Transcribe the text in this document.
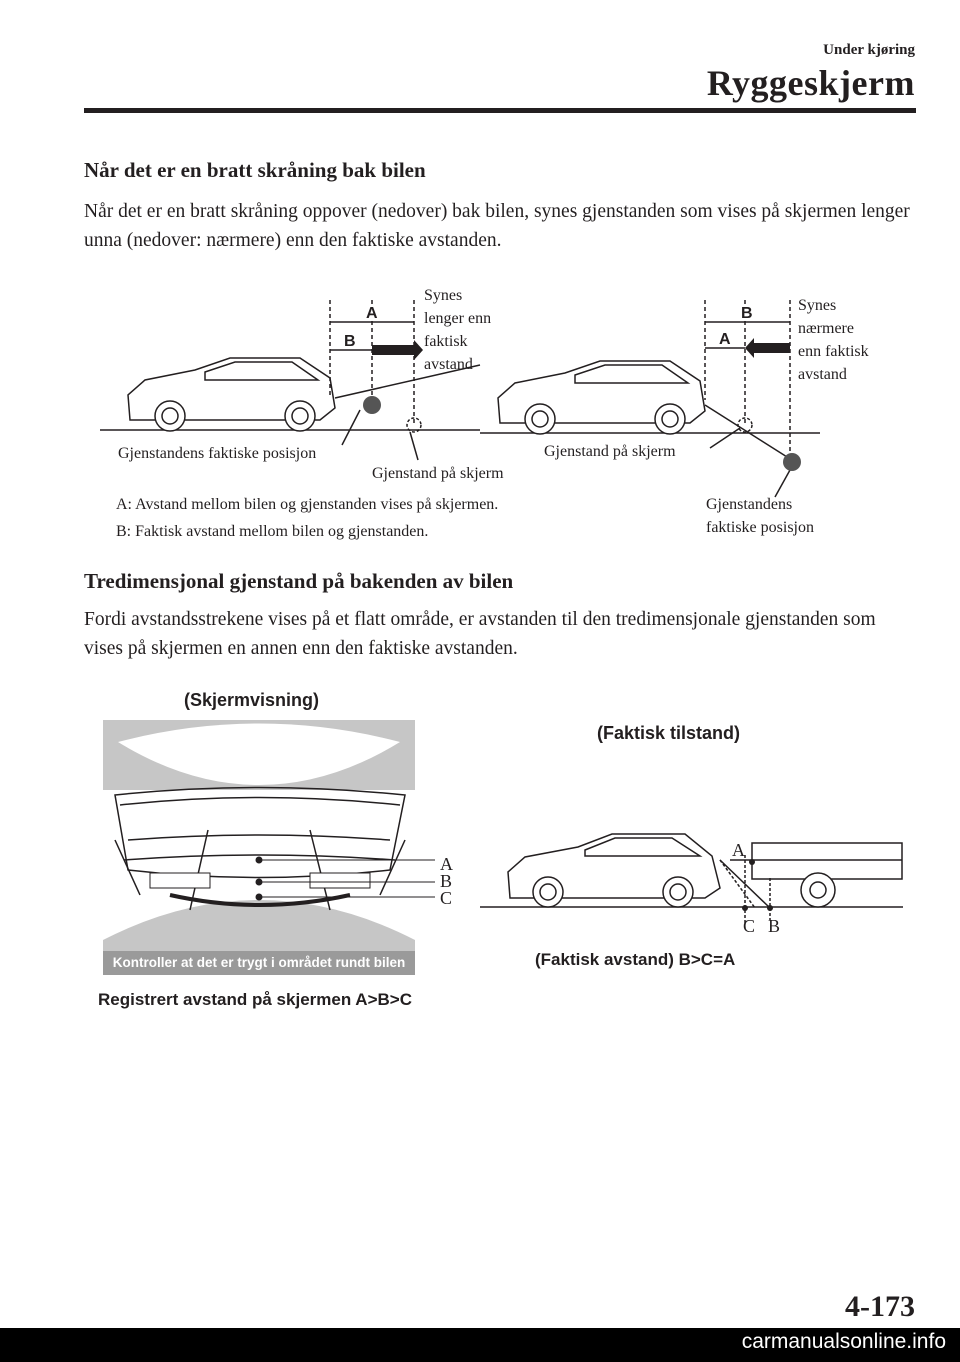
Under kjøring
Ryggeskjerm
Når det er en bratt skråning bak bilen
Når det er en bratt skråning oppover (nedover) bak bilen, synes gjenstanden som vises på skjermen lenger unna (nedover: nærmere) enn den faktiske avstanden.
A
B
B
A
Synes
lenger enn
faktisk
avstand
Gjenstandens faktiske posisjon
Gjenstand på skjerm
Synes
nærmere
enn faktisk
avstand
Gjenstand på skjerm
Gjenstandens
faktiske posisjon
A: Avstand mellom bilen og gjenstanden vises på skjermen.
B: Faktisk avstand mellom bilen og gjenstanden.
Tredimensjonal gjenstand på bakenden av bilen
Fordi avstandsstrekene vises på et flatt område, er avstanden til den tredimensjonale gjenstanden som vises på skjermen en annen enn den faktiske avstanden.
(Skjermvisning)
A
B
C
Kontroller at det er trygt i området rundt bilen
Registrert avstand på skjermen A>B>C
(Faktisk tilstand)
A
C B
(Faktisk avstand) B>C=A
4-173
carmanualsonline.info
